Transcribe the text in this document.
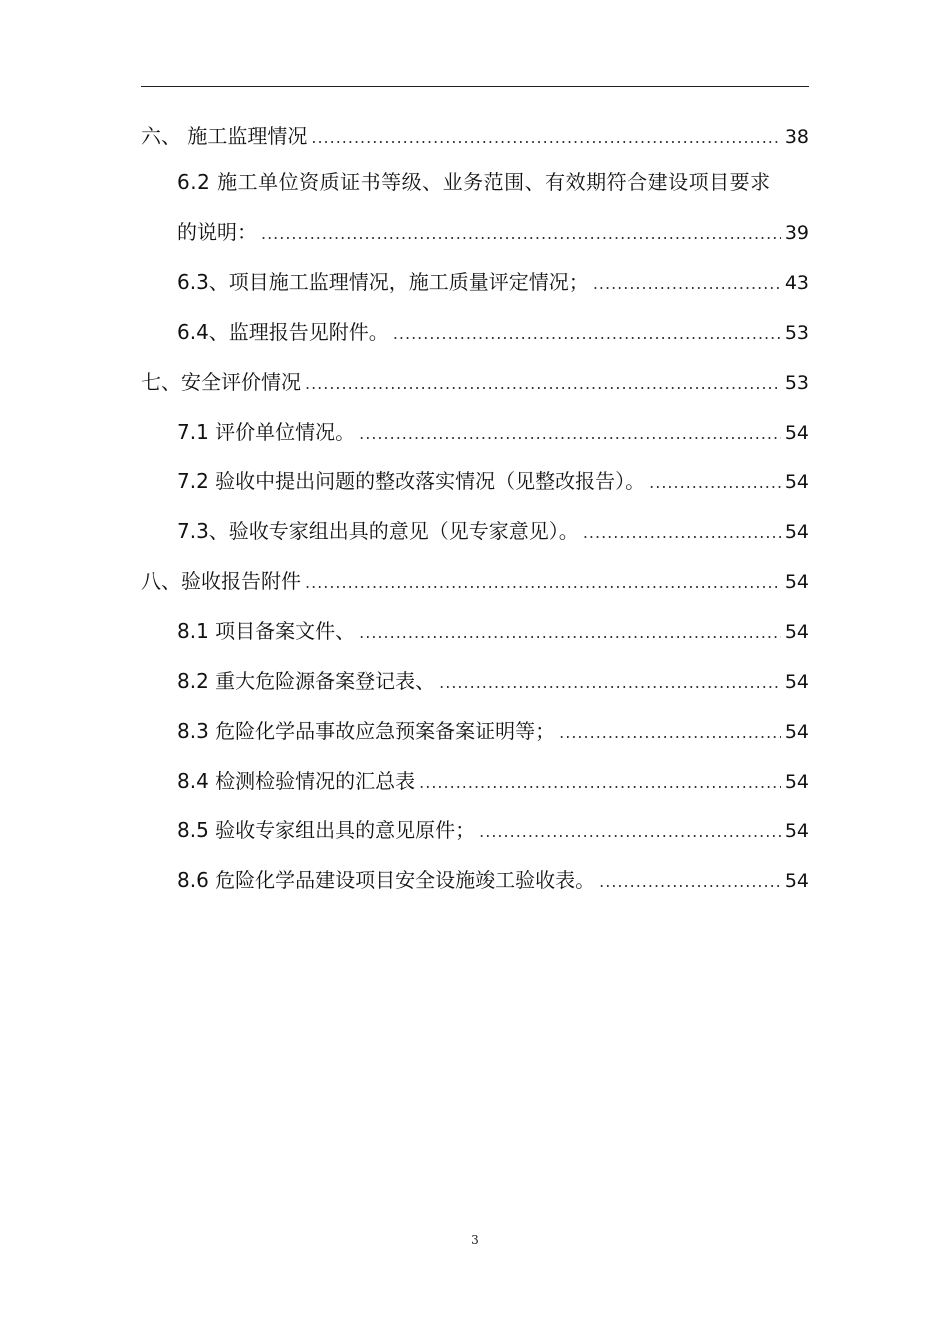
六、 施工监理情况 .....	38
6.2 施工单位资质证书等级、业务范围、有效期符合建设项目要求
的说明： .....	39
6.3、项目施工监理情况，施工质量评定情况； .....	43
6.4、监理报告见附件。 .....	53
七、安全评价情况 .....	53
7.1 评价单位情况。 .....	54
7.2 验收中提出问题的整改落实情况（见整改报告）。 .....	54
7.3、验收专家组出具的意见（见专家意见）。 .....	54
八、验收报告附件 .....	54
8.1 项目备案文件、 .....	54
8.2 重大危险源备案登记表、 .....	54
8.3 危险化学品事故应急预案备案证明等； .....	54
8.4 检测检验情况的汇总表 .....	54
8.5 验收专家组出具的意见原件； .....	54
8.6 危险化学品建设项目安全设施竣工验收表。 .....	54
3
